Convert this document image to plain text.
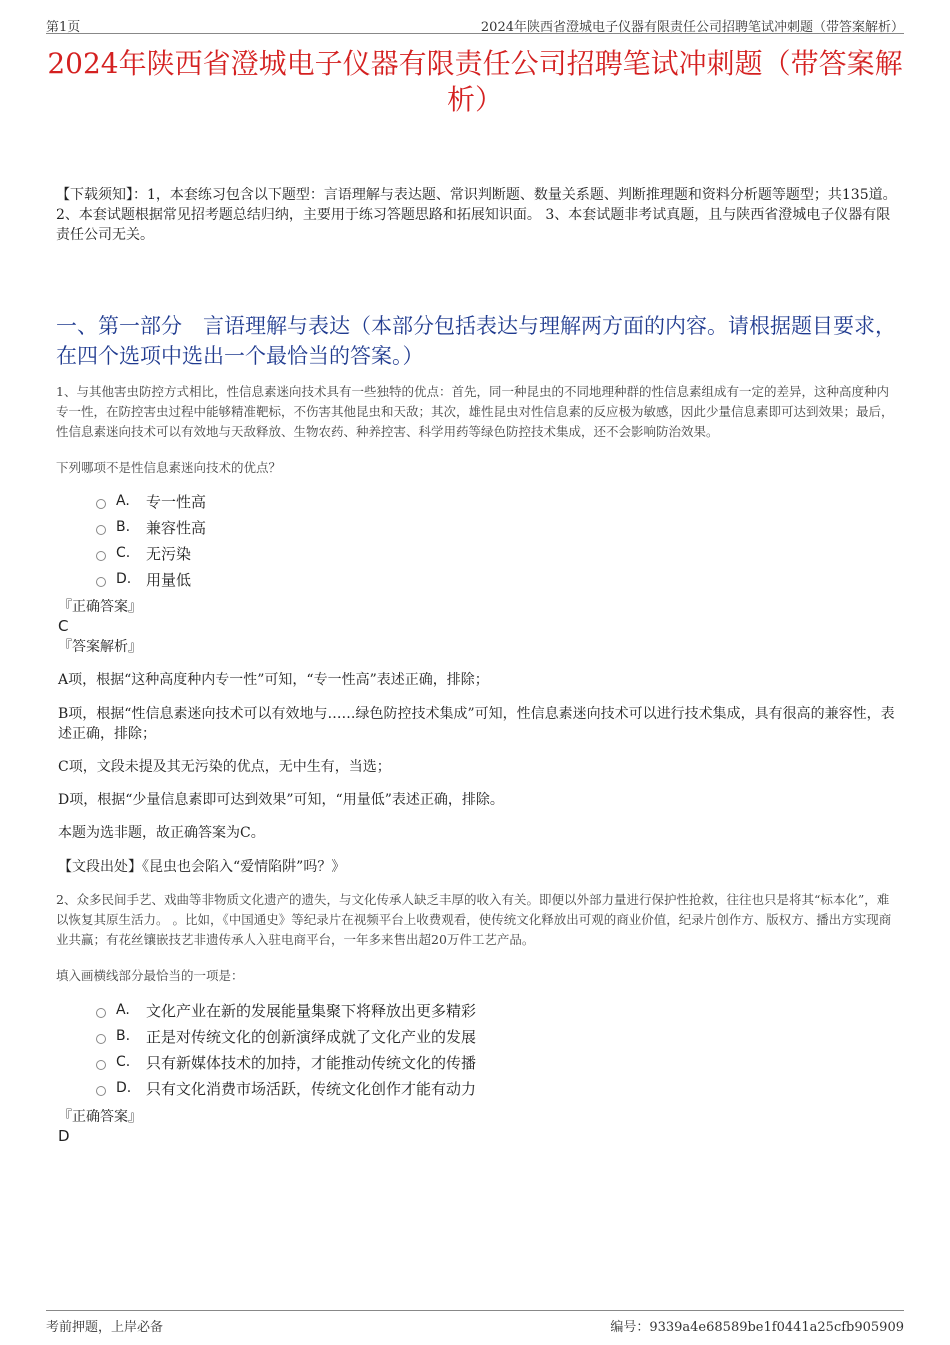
第1页	2024年陕西省澄城电子仪器有限责任公司招聘笔试冲刺题（带答案解析）
2024年陕西省澄城电子仪器有限责任公司招聘笔试冲刺题（带答案解析）
【下载须知】：1，本套练习包含以下题型：言语理解与表达题、常识判断题、数量关系题、判断推理题和资料分析题等题型；共135道。 2、本套试题根据常见招考题总结归纳，主要用于练习答题思路和拓展知识面。 3、本套试题非考试真题，且与陕西省澄城电子仪器有限责任公司无关。
一、第一部分　言语理解与表达（本部分包括表达与理解两方面的内容。请根据题目要求，在四个选项中选出一个最恰当的答案。）
1、与其他害虫防控方式相比，性信息素迷向技术具有一些独特的优点：首先，同一种昆虫的不同地理种群的性信息素组成有一定的差异，这种高度种内专一性，在防控害虫过程中能够精准靶标，不伤害其他昆虫和天敌；其次，雄性昆虫对性信息素的反应极为敏感，因此少量信息素即可达到效果；最后，性信息素迷向技术可以有效地与天敌释放、生物农药、种养控害、科学用药等绿色防控技术集成，还不会影响防治效果。
下列哪项不是性信息素迷向技术的优点？
A.	专一性高
B.	兼容性高
C.	无污染
D. 用量低
『正确答案』
C
『答案解析』
A项，根据“这种高度种内专一性”可知，“专一性高”表述正确，排除；
B项，根据“性信息素迷向技术可以有效地与……绿色防控技术集成”可知，性信息素迷向技术可以进行技术集成，具有很高的兼容性，表述正确，排除；
C项，文段未提及其无污染的优点，无中生有，当选；
D项，根据“少量信息素即可达到效果”可知，“用量低”表述正确，排除。
本题为选非题，故正确答案为C。
【文段出处】《昆虫也会陷入“爱情陷阱”吗？》
2、众多民间手艺、戏曲等非物质文化遗产的遗失，与文化传承人缺乏丰厚的收入有关。即便以外部力量进行保护性抢救，往往也只是将其“标本化”，难以恢复其原生活力。 。比如，《中国通史》等纪录片在视频平台上收费观看，使传统文化释放出可观的商业价值，纪录片创作方、版权方、播出方实现商业共赢；有花丝镶嵌技艺非遗传承人入驻电商平台，一年多来售出超20万件工艺产品。
填入画横线部分最恰当的一项是：
A.	文化产业在新的发展能量集聚下将释放出更多精彩
B.	正是对传统文化的创新演绎成就了文化产业的发展
C.	只有新媒体技术的加持，才能推动传统文化的传播
D. 只有文化消费市场活跃，传统文化创作才能有动力
『正确答案』
D
考前押题，上岸必备	编号：9339a4e68589be1f0441a25cfb905909
